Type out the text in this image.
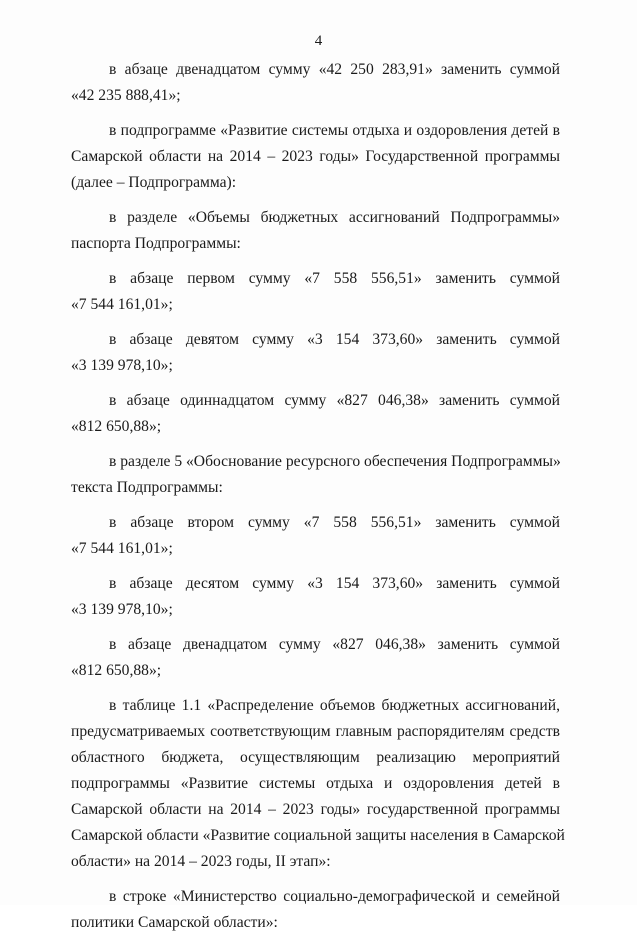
4
в абзаце двенадцатом сумму «42 250 283,91» заменить суммой
«42 235 888,41»;
в подпрограмме «Развитие системы отдыха и оздоровления детей в
Самарской области на 2014 – 2023 годы» Государственной программы
(далее – Подпрограмма):
в разделе «Объемы бюджетных ассигнований Подпрограммы»
паспорта Подпрограммы:
в абзаце первом сумму «7 558 556,51» заменить суммой
«7 544 161,01»;
в абзаце девятом сумму «3 154 373,60» заменить суммой
«3 139 978,10»;
в абзаце одиннадцатом сумму «827 046,38» заменить суммой
«812 650,88»;
в разделе 5 «Обоснование ресурсного обеспечения Подпрограммы»
текста Подпрограммы:
в абзаце втором сумму «7 558 556,51» заменить суммой
«7 544 161,01»;
в абзаце десятом сумму «3 154 373,60» заменить суммой
«3 139 978,10»;
в абзаце двенадцатом сумму «827 046,38» заменить суммой
«812 650,88»;
в таблице 1.1 «Распределение объемов бюджетных ассигнований,
предусматриваемых соответствующим главным распорядителям средств
областного бюджета, осуществляющим реализацию мероприятий
подпрограммы «Развитие системы отдыха и оздоровления детей в
Самарской области на 2014 – 2023 годы» государственной программы
Самарской области «Развитие социальной защиты населения в Самарской
области» на 2014 – 2023 годы, II этап»:
в строке «Министерство социально-демографической и семейной
политики Самарской области»:
